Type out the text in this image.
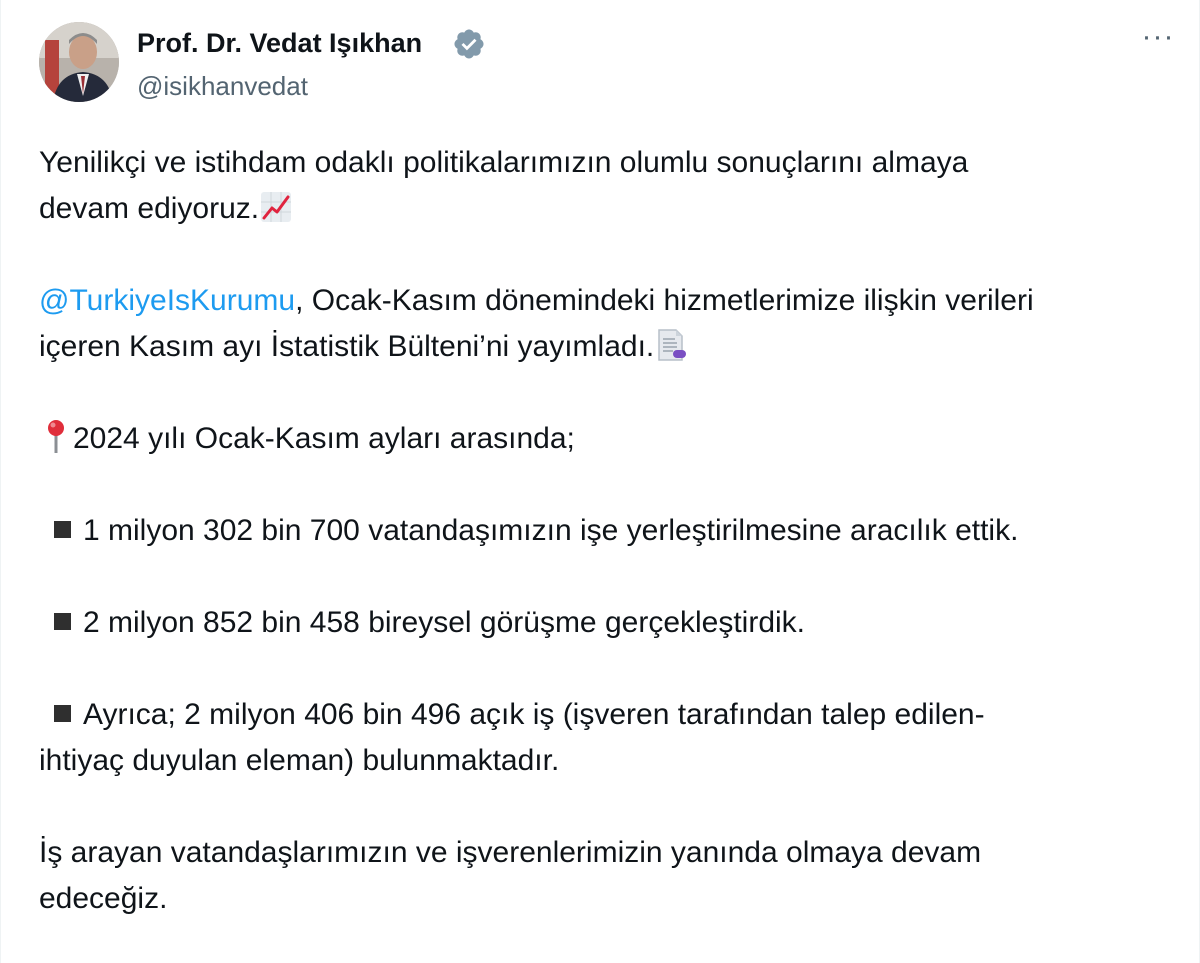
Prof. Dr. Vedat Işıkhan
@isikhanvedat
···
Yenilikçi ve istihdam odaklı politikalarımızın olumlu sonuçlarını almaya
devam ediyoruz.
@TurkiyeIsKurumu, Ocak-Kasım dönemindeki hizmetlerimize ilişkin verileri
içeren Kasım ayı İstatistik Bülteni’ni yayımladı.
2024 yılı Ocak-Kasım ayları arasında;
1 milyon 302 bin 700 vatandaşımızın işe yerleştirilmesine aracılık ettik.
2 milyon 852 bin 458 bireysel görüşme gerçekleştirdik.
Ayrıca; 2 milyon 406 bin 496 açık iş (işveren tarafından talep edilen-
ihtiyaç duyulan eleman) bulunmaktadır.
İş arayan vatandaşlarımızın ve işverenlerimizin yanında olmaya devam
edeceğiz.
